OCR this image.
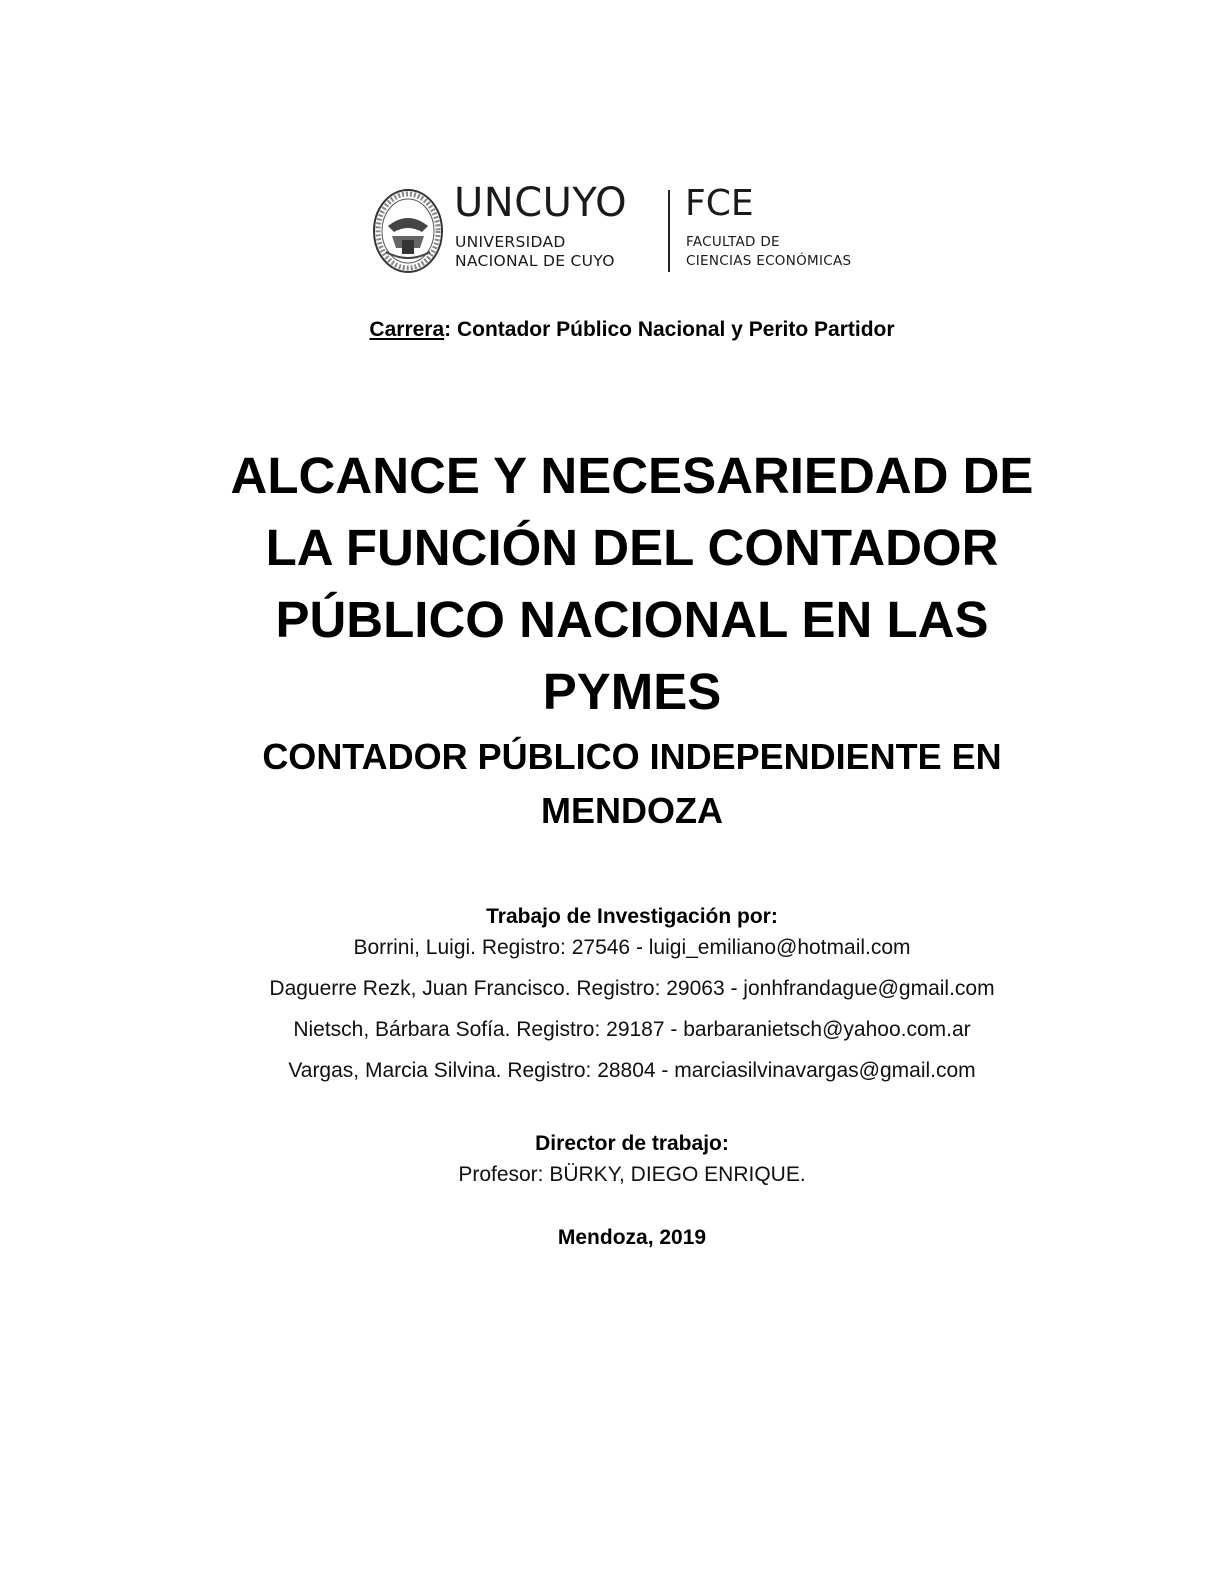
UNCUYO
UNIVERSIDAD
NACIONAL DE CUYO
FCE
FACULTAD DE
CIENCIAS ECONÓMICAS
Carrera: Contador Público Nacional y Perito Partidor
ALCANCE Y NECESARIEDAD DE
LA FUNCIÓN DEL CONTADOR
PÚBLICO NACIONAL EN LAS
PYMES
CONTADOR PÚBLICO INDEPENDIENTE EN
MENDOZA
Trabajo de Investigación por:
Borrini, Luigi. Registro: 27546 - luigi_emiliano@hotmail.com
Daguerre Rezk, Juan Francisco. Registro: 29063 - jonhfrandague@gmail.com
Nietsch, Bárbara Sofía. Registro: 29187 - barbaranietsch@yahoo.com.ar
Vargas, Marcia Silvina. Registro: 28804 - marciasilvinavargas@gmail.com
Director de trabajo:
Profesor: BÜRKY, DIEGO ENRIQUE.
Mendoza, 2019
